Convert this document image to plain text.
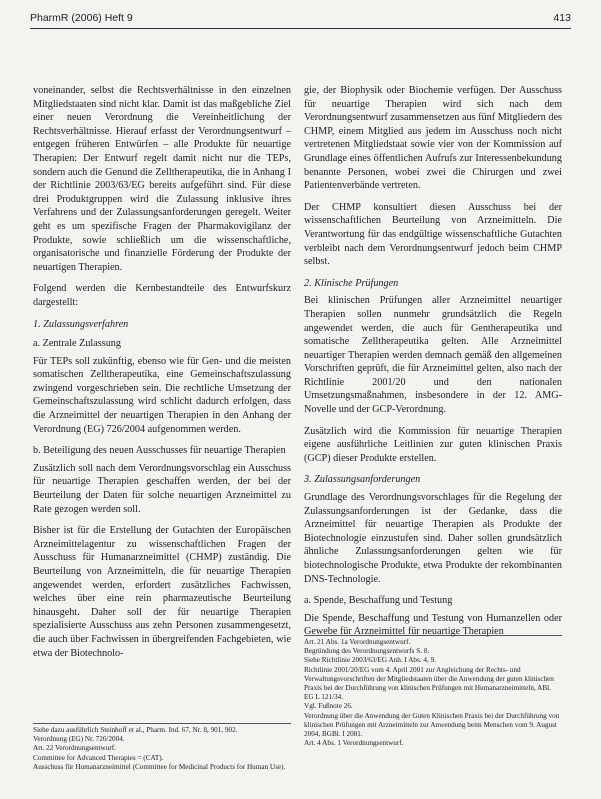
PharmR (2006) Heft 9	413

voneinander, selbst die Rechtsverhältnisse in den einzelnen Mitgliedstaaten sind nicht klar. Damit ist das maßgebliche Ziel einer neuen Verordnung die Vereinheitlichung der Rechtsverhältnisse. Hierauf erfasst der Verordnungsentwurf – entgegen früheren Entwürfen – alle Produkte für neuartige Therapien: Der Entwurf regelt damit nicht nur die TEPs, sondern auch die Genund die Zelltherapeutika, die in Anhang I der Richtlinie 2003/63/EG bereits aufgeführt sind. Für diese drei Produktgruppen wird die Zulassung inklusive ihres Verfahrens und der Zulassungsanforderungen geregelt. Weiter geht es um spezifische Fragen der Pharmakovigilanz der Produkte, sowie schließlich um die wissenschaftliche, organisatorische und finanzielle Förderung der Produkte der neuartigen Therapien.

Folgend werden die Kernbestandteile des Entwurfskurz dargestellt:

1. Zulassungsverfahren
a. Zentrale Zulassung

Für TEPs soll zukünftig, ebenso wie für Gen- und die meisten somatischen Zelltherapeutika, eine Gemeinschaftszulassung zwingend vorgeschrieben sein. Die rechtliche Umsetzung der Gemeinschaftszulassung wird schlicht dadurch erfolgen, dass die Arzneimittel der neuartigen Therapien in den Anhang der Verordnung (EG) 726/2004 aufgenommen werden.

b. Beteiligung des neuen Ausschusses für neuartige Therapien

Zusätzlich soll nach dem Verordnungsvorschlag ein Ausschuss für neuartige Therapien geschaffen werden, der bei der Beurteilung der Daten für solche neuartigen Arzneimittel zu Rate gezogen werden soll.

Bisher ist für die Erstellung der Gutachten der Europäischen Arzneimittelagentur zu wissenschaftlichen Fragen der Ausschuss für Humanarzneimittel (CHMP) zuständig. Die Beurteilung von Arzneimitteln, die für neuartige Therapien angewendet werden, erfordert zusätzliches Fachwissen, welches über eine rein pharmazeutische Beurteilung hinausgeht. Daher soll der für neuartige Therapien spezialisierte Ausschuss aus zehn Personen zusammengesetzt, die auch über Fachwissen in übergreifenden Fachgebieten, wie etwa der Biotechnolo-

Siehe dazu ausführlich Steinhoff et al., Pharm. Ind. 67, Nr. 8, 901, 902.

Verordnung (EG) Nr. 726/2004.

Art. 22 Verordnungsentwurf.

Committee for Advanced Therapies = (CAT).

Ausschuss für Humanarzneimittel (Committee for Medicinal Products for Human Use).

gie, der Biophysik oder Biochemie verfügen. Der Ausschuss für neuartige Therapien wird sich nach dem Verordnungsentwurf zusammensetzen aus fünf Mitgliedern des CHMP, einem Mitglied aus jedem im Ausschuss noch nicht vertretenen Mitgliedstaat sowie vier von der Kommission auf Grundlage eines öffentlichen Aufrufs zur Interessenbekundung benannte Personen, wobei zwei die Chirurgen und zwei Patientenverbände vertreten.

Der CHMP konsultiert diesen Ausschuss bei der wissenschaftlichen Beurteilung von Arzneimitteln. Die Verantwortung für das endgültige wissenschaftliche Gutachten verbleibt nach dem Verordnungsentwurf jedoch beim CHMP selbst.

2. Klinische Prüfungen

Bei klinischen Prüfungen aller Arzneimittel neuartiger Therapien sollen nunmehr grundsätzlich die Regeln angewendet werden, die auch für Gentherapeutika und somatische Zelltherapeutika gelten. Alle Arzneimittel neuartiger Therapien werden demnach gemäß den allgemeinen Vorschriften geprüft, die für Arzneimittel gelten, also nach der Richtlinie 2001/20 und den nationalen Umsetzungsmaßnahmen, insbesondere in der 12. AMG-Novelle und der GCP-Verordnung.

Zusätzlich wird die Kommission für neuartige Therapien eigene ausführliche Leitlinien zur guten klinischen Praxis (GCP) dieser Produkte erstellen.

3. Zulassungsanforderungen

Grundlage des Verordnungsvorschlages für die Regelung der Zulassungsanforderungen ist der Gedanke, dass die Arzneimittel für neuartige Therapien als Produkte der Biotechnologie einzustufen sind. Daher sollen grundsätzlich ähnliche Zulassungsanforderungen gelten wie für biotechnologische Produkte, etwa Produkte der rekombinanten DNS-Technologie.

a. Spende, Beschaffung und Testung

Die Spende, Beschaffung und Testung von Humanzellen oder Gewebe für Arzneimittel für neuartige Therapien

Art. 21 Abs. 1a Verordnungsentwurf.

Begründung des Verordnungsentwurfs S. 8.

Siehe Richtlinie 2003/63/EG Anh. I Abs. 4, 9.

Richtlinie 2001/20/EG vom 4. April 2001 zur Angleichung der Rechts- und Verwaltungsvorschriften der Mitgliedstaaten über die Anwendung der guten klinischen Praxis bei der Durchführung von klinischen Prüfungen mit Humanarzneimitteln, ABl. EG L 121/34.

Vgl. Fußnote 26.

Verordnung über die Anwendung der Guten Klinischen Praxis bei der Durchführung von klinischen Prüfungen mit Arzneimitteln zur Anwendung beim Menschen vom 9. August 2004, BGBl. I 2081.

Art. 4 Abs. 1 Verordnungsentwurf.
